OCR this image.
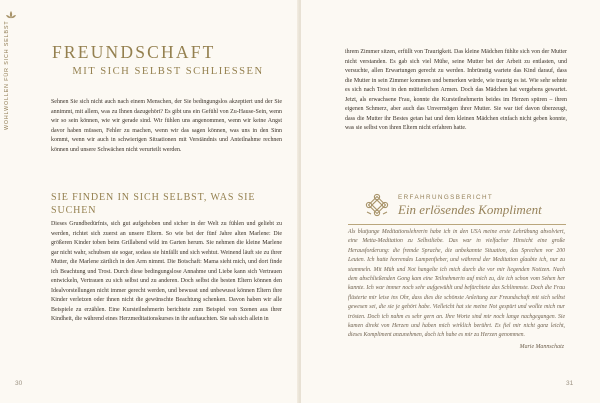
WOHLWOLLEN FÜR SICH SELBST FREUNDSCHAFT
MIT SICH SELBST SCHLIESSEN

Sehnen Sie sich nicht auch nach einem Menschen, der Sie bedingungslos akzeptiert und der Sie annimmt, mit allem, was zu Ihnen dazugehört? Es gibt uns ein Gefühl von Zu-Hause-Sein, wenn wir so sein können, wie wir gerade sind. Wir fühlen uns angenommen, wenn wir keine Angst davor haben müssen, Fehler zu machen, wenn wir das sagen können, was uns in den Sinn kommt, wenn wir auch in schwierigen Situationen mit Verständnis und Anteilnahme rechnen können und unsere Schwächen nicht verurteilt werden.

SIE FINDEN IN SICH SELBST, WAS SIE SUCHEN

Dieses Grundbedürfnis, sich gut aufgehoben und sicher in der Welt zu fühlen und geliebt zu werden, richtet sich zuerst an unsere Eltern. So wie bei der fünf Jahre alten Marlene: Die größeren Kinder toben beim Grillabend wild im Garten herum. Sie nehmen die kleine Marlene gar nicht wahr, schubsen sie sogar, sodass sie hinfällt und sich wehtut. Weinend läuft sie zu ihrer Mutter, die Marlene zärtlich in den Arm nimmt. Die Botschaft: Mama sieht mich, und dort finde ich Beachtung und Trost. Durch diese bedingungslose Annahme und Liebe kann sich Vertrauen entwickeln, Vertrauen zu sich selbst und zu anderen. Doch selbst die besten Eltern können den Idealvorstellungen nicht immer gerecht werden, und bewusst und unbewusst können Eltern ihre Kinder verletzen oder ihnen nicht die gewünschte Beachtung schenken. Davon haben wir alle Beispiele zu erzählen. Eine Kursteilnehmerin berichtete zum Beispiel von Szenen aus ihrer Kindheit, die während eines Herzmeditationskurses in ihr auftauchten. Sie sah sich allein in

30

ihrem Zimmer sitzen, erfüllt von Traurigkeit. Das kleine Mädchen fühlte sich von der Mutter nicht verstanden. Es gab sich viel Mühe, seine Mutter bei der Arbeit zu entlasten, und versuchte, allen Erwartungen gerecht zu werden. Inbrünstig wartete das Kind darauf, dass die Mutter in sein Zimmer kommen und bemerken würde, wie traurig es ist. Wie sehr sehnte es sich nach Trost in den mütterlichen Armen. Doch das Mädchen hat vergebens gewartet. Jetzt, als erwachsene Frau, konnte die Kursteilnehmerin beides im Herzen spüren – ihren eigenen Schmerz, aber auch das Unvermögen ihrer Mutter. Sie war tief davon überzeugt, dass die Mutter ihr Bestes getan hat und dem kleinen Mädchen einfach nicht geben konnte, was sie selbst von ihren Eltern nicht erfahren hatte.

ERFAHRUNGSBERICHT
Ein erlösendes Kompliment

Als blutjunge Meditationslehrerin habe ich in den USA meine erste Lehrübung absolviert, eine Metta-Meditation zu Selbstliebe. Das war in vielfacher Hinsicht eine große Herausforderung: die fremde Sprache, die unbekannte Situation, das Sprechen vor 200 Leuten. Ich hatte horrendes Lampenfieber, und während der Meditation glaubte ich, nur zu stammeln. Mit Müh und Not hangelte ich mich durch die vor mir liegenden Notizen. Nach dem abschließenden Gong kam eine Teilnehmerin auf mich zu, die ich schon vom Sehen her kannte. Ich war immer noch sehr aufgewühlt und befürchtete das Schlimmste. Doch die Frau flüsterte mir leise ins Ohr, dass dies die schönste Anleitung zur Freundschaft mit sich selbst gewesen sei, die sie je gehört habe. Vielleicht hat sie meine Not gespürt und wollte mich nur trösten. Doch ich nahm es sehr gern an. Ihre Worte sind mir noch lange nachgegangen. Sie kamen direkt von Herzen und haben mich wirklich berührt. Es fiel mir nicht ganz leicht, dieses Kompliment anzunehmen, doch ich habe es mir zu Herzen genommen.

Marie Mannschatz
31
